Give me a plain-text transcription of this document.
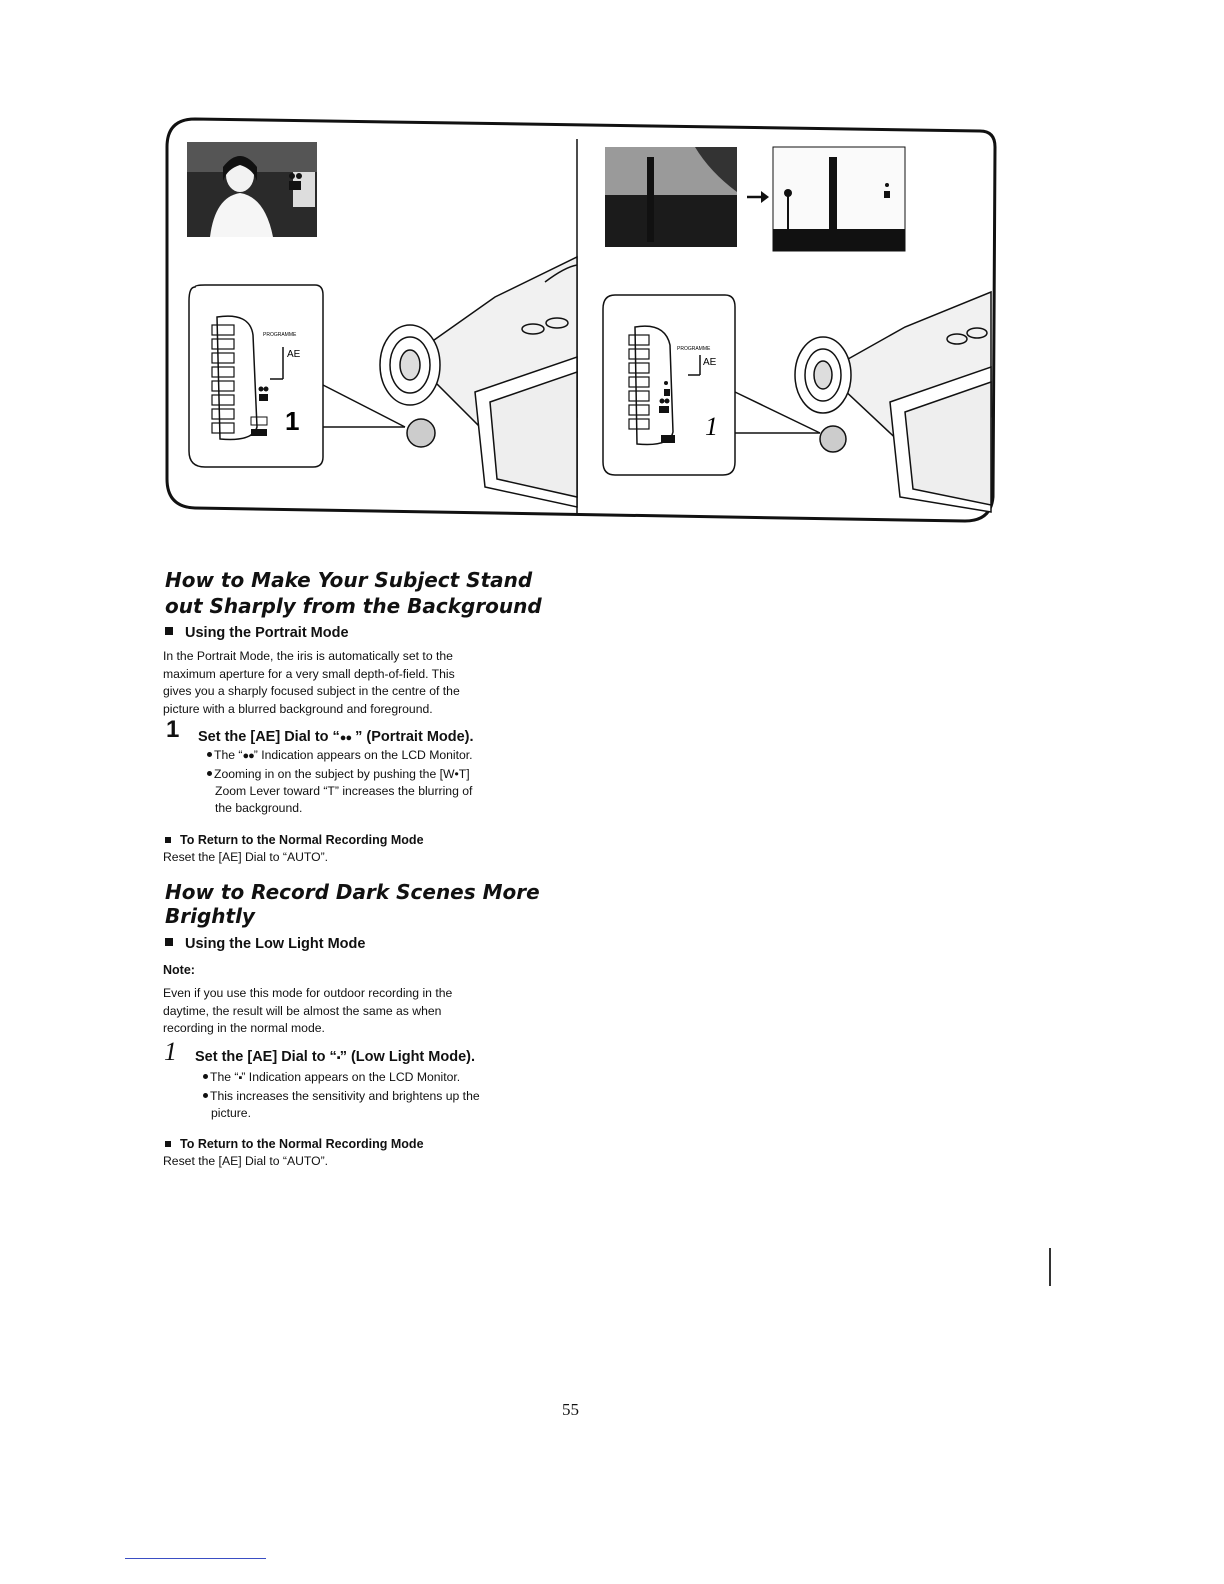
PROGRAMME
AE
1
PROGRAMME
AE
1
How to Make Your Subject Stand
out Sharply from the Background
Using the Portrait Mode
In the Portrait Mode, the iris is automatically set to the
maximum aperture for a very small depth-of-field. This
gives you a sharply focused subject in the centre of the
picture with a blurred background and foreground.
1 Set the [AE] Dial to “●●
” (Portrait Mode).
The “●●” Indication appears on the LCD Monitor.
Zooming in on the subject by pushing the [W•T]
Zoom Lever toward “T” increases the blurring of
the background.
To Return to the Normal Recording Mode
Reset the [AE] Dial to “AUTO”.
How to Record Dark Scenes More
Brightly
Using the Low Light Mode
Note:
Even if you use this mode for outdoor recording in the
daytime, the result will be almost the same as when
recording in the normal mode.
1 Set the [AE] Dial to “▪” (Low Light Mode).
The “▪” Indication appears on the LCD Monitor.
This increases the sensitivity and brightens up the
picture.
To Return to the Normal Recording Mode
Reset the [AE] Dial to “AUTO”.
55
